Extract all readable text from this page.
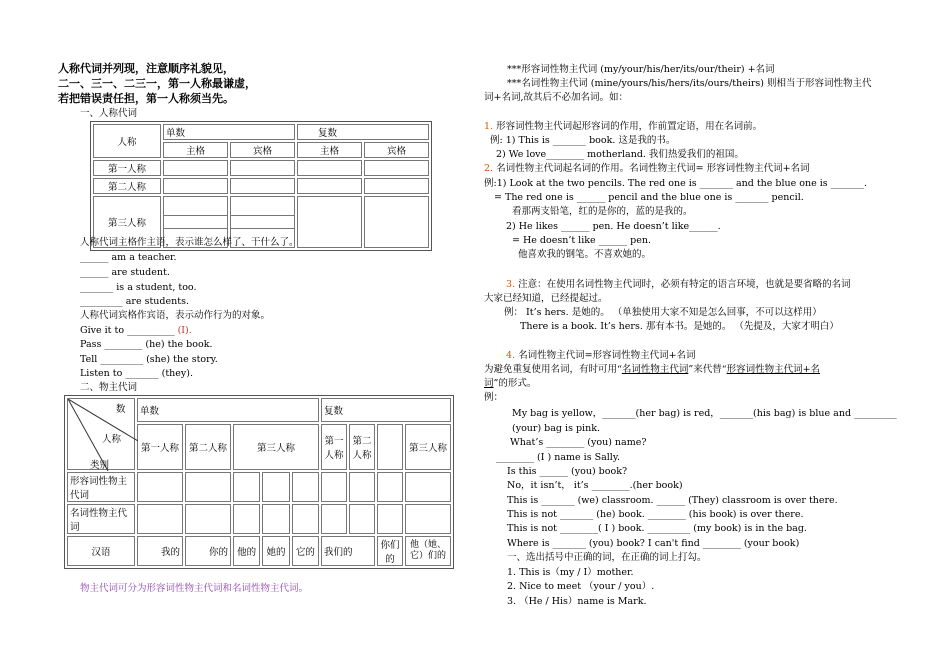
人称代词并列现，注意顺序礼貌见，
二一、三一、二三一，第一人称最谦虚，
若把错误责任担，第一人称须当先。
一、人称代词
人称	单数		复数	
	主格	宾格	主格	宾格
第一人称				
第二人称				
第三人称	

人称代词主格作主语，表示谁怎么样了、干什么了。
______ am a teacher.
______ are student.
_______ is a student, too.
_________ are students.
人称代词宾格作宾语，表示动作行为的对象。
Give it to __________ (I).
Pass ________ (he) the book.
Tell _________ (she) the story.
Listen to _______ (they).
二、物主代词
数
人称
类别	单数					复数			
	第一人称	第二人称	第三人称			第一人称	第二人称		第三人称
形容词性物主代词									
名词性物主代词									
汉语	我的	你的	他的	她的	它的	我们的		你们的	他（她、它）们的
物主代词可分为形容词性物主代词和名词性物主代词。
***形容词性物主代词 (my/your/his/her/its/our/their) +名词
***名词性物主代词 (mine/yours/his/hers/its/ours/theirs) 则相当于形容词性物主代
词+名词,故其后不必加名词。如：
1. 形容词性物主代词起形容词的作用，作前置定语，用在名词前。
例: 1) This is _______ book. 这是我的书。
2) We love________ motherland. 我们热爱我们的祖国。
2. 名词性物主代词起名词的作用。名词性物主代词= 形容词性物主代词+名词
例:1) Look at the two pencils. The red one is _______ and the blue one is _______.
= The red one is ______ pencil and the blue one is _______ pencil.
看那两支铅笔，红的是你的，蓝的是我的。
2) He likes ______ pen. He doesn’t like______.
= He doesn’t like ______ pen.
他喜欢我的钢笔。不喜欢她的。
3. 注意：在使用名词性物主代词时，必须有特定的语言环境，也就是要省略的名词
大家已经知道，已经提起过。
例： It’s hers. 是她的。 （单独使用大家不知是怎么回事，不可以这样用）
There is a book. It’s hers. 那有本书。是她的。 （先提及，大家才明白）
4. 名词性物主代词=形容词性物主代词+名词
为避免重复使用名词，有时可用“名词性物主代词”来代替“形容词性物主代词+名
词”的形式。
例：
My bag is yellow，_______(her bag) is red，_______(his bag) is blue and _________
(your) bag is pink.
What’s ________ (you) name?
________ (I ) name is Sally.
Is this ______ (you) book?
No，it isn’t， it’s ________.(her book)
This is _______ (we) classroom. ______ (They) classroom is over there.
This is not _______ (he) book. ________ (his book) is over there.
This is not ________( I ) book. _________ (my book) is in the bag.
Where is _______ (you) book? I can't find ________ (your book)
一、选出括号中正确的词，在正确的词上打勾。
1. This is（my / I）mother.
2. Nice to meet （your / you）.
3. （He / His）name is Mark.
